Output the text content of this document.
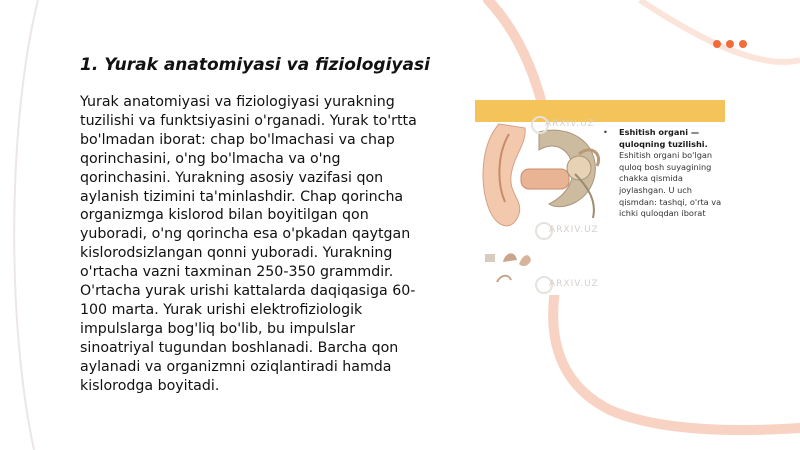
1. Yurak anatomiyasi va fiziologiyasi

Yurak anatomiyasi va fiziologiyasi yurakning tuzilishi va funktsiyasini o'rganadi. Yurak to'rtta bo'lmadan iborat: chap bo'lmachasi va chap qorinchasini, o'ng bo'lmacha va o'ng qorinchasini. Yurakning asosiy vazifasi qon aylanish tizimini ta'minlashdir. Chap qorincha organizmga kislorod bilan boyitilgan qon yuboradi, o'ng qorincha esa o'pkadan qaytgan kislorodsizlangan qonni yuboradi. Yurakning o'rtacha vazni taxminan 250-350 grammdir. O'rtacha yurak urishi kattalarda daqiqasiga 60-100 marta. Yurak urishi elektrofiziologik impulslarga bog'liq bo'lib, bu impulslar sinoatriyal tugundan boshlanadi. Barcha qon aylanadi va organizmni oziqlantiradi hamda kislorodga boyitadi.

ARXIV.UZ
ARXIV.UZ
ARXIV.UZ
• Eshitish organi — quloqning tuzilishi.
Eshitish organi bo'lgan quloq bosh suyagining chakka qismida joylashgan. U uch qismdan: tashqi, o'rta va ichki quloqdan iborat
